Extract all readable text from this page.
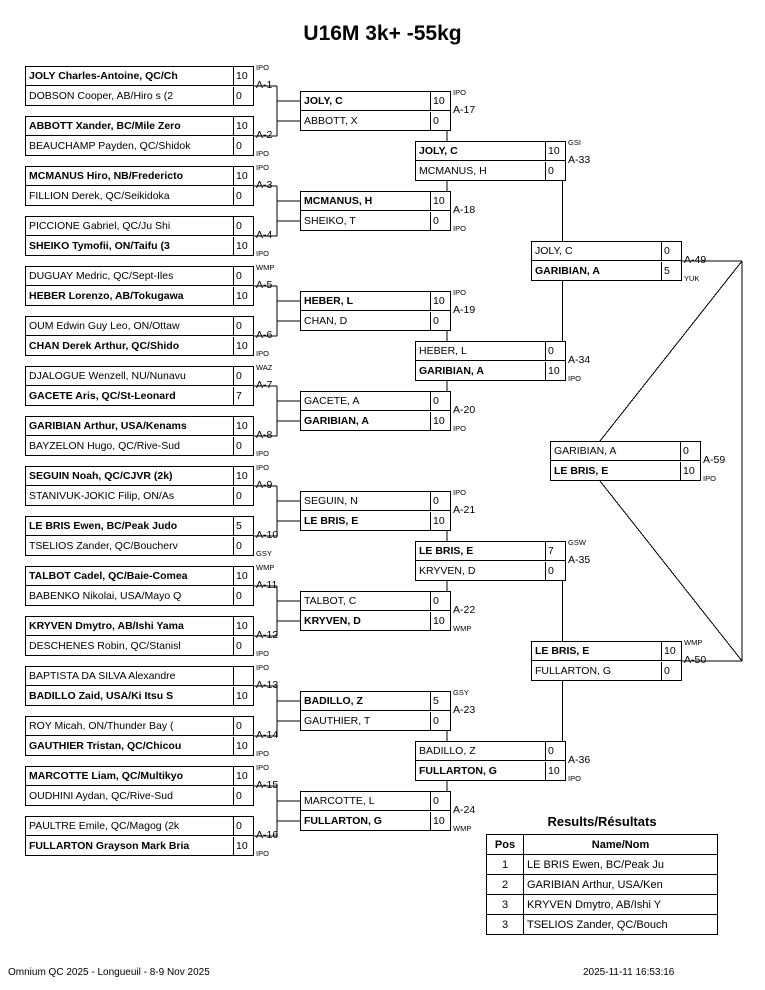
U16M 3k+ -55kg
JOLY Charles-Antoine, QC/Ch	10
DOBSON Cooper, AB/Hiro s (2	0
IPO
A-1
ABBOTT Xander, BC/Mile Zero	10
BEAUCHAMP Payden, QC/Shidok	0
IPO
A-2
MCMANUS Hiro, NB/Fredericto	10
FILLION Derek, QC/Seikidoka	0
IPO
A-3
PICCIONE Gabriel, QC/Ju Shi	0
SHEIKO Tymofii, ON/Taifu (3	10
IPO
A-4
DUGUAY Medric, QC/Sept-Iles	0
HEBER Lorenzo, AB/Tokugawa	10
WMP
A-5
OUM Edwin Guy Leo, ON/Ottaw	0
CHAN Derek Arthur, QC/Shido	10
IPO
A-6
DJALOGUE Wenzell, NU/Nunavu	0
GACETE Aris, QC/St-Leonard	7
WAZ
A-7
GARIBIAN Arthur, USA/Kenams	10
BAYZELON Hugo, QC/Rive-Sud	0
IPO
A-8
SEGUIN Noah, QC/CJVR (2k)	10
STANIVUK-JOKIC Filip, ON/As	0
IPO
A-9
LE BRIS Ewen, BC/Peak Judo	5
TSELIOS Zander, QC/Boucherv	0
GSY
A-10
TALBOT Cadel, QC/Baie-Comea	10
BABENKO Nikolai, USA/Mayo Q	0
WMP
A-11
KRYVEN Dmytro, AB/Ishi Yama	10
DESCHENES Robin, QC/Stanisl	0
IPO
A-12
BAPTISTA DA SILVA Alexandre
BADILLO Zaid, USA/Ki Itsu S	10
IPO
A-13
ROY Micah, ON/Thunder Bay (	0
GAUTHIER Tristan, QC/Chicou	10
IPO
A-14
MARCOTTE Liam, QC/Multikyo	10
OUDHINI Aydan, QC/Rive-Sud	0
IPO
A-15
PAULTRE Emile, QC/Magog (2k	0
FULLARTON Grayson Mark Bria	10
IPO
A-16
JOLY, C	10
ABBOTT, X	0
IPO
A-17
MCMANUS, H	10
SHEIKO, T	0
IPO
A-18
HEBER, L	10
CHAN, D	0
IPO
A-19
GACETE, A	0
GARIBIAN, A	10
IPO
A-20
SEGUIN, N	0
LE BRIS, E	10
IPO
A-21
TALBOT, C	0
KRYVEN, D	10
WMP
A-22
BADILLO, Z	5
GAUTHIER, T	0
GSY
A-23
MARCOTTE, L	0
FULLARTON, G	10
WMP
A-24
JOLY, C	10
MCMANUS, H	0
GSI
A-33
HEBER, L	0
GARIBIAN, A	10
IPO
A-34
LE BRIS, E	7
KRYVEN, D	0
GSW
A-35
BADILLO, Z	0
FULLARTON, G	10
IPO
A-36
JOLY, C	0
GARIBIAN, A	5
YUK
A-49
LE BRIS, E	10
FULLARTON, G	0
WMP
A-50
GARIBIAN, A	0
LE BRIS, E	10
IPO
A-59
Results/Résultats
Pos	Name/Nom
1	LE BRIS Ewen, BC/Peak Ju
2	GARIBIAN Arthur, USA/Ken
3	KRYVEN Dmytro, AB/Ishi Y
3	TSELIOS Zander, QC/Bouch
Omnium QC 2025 - Longueuil - 8-9 Nov 2025	2025-11-11 16:53:16
